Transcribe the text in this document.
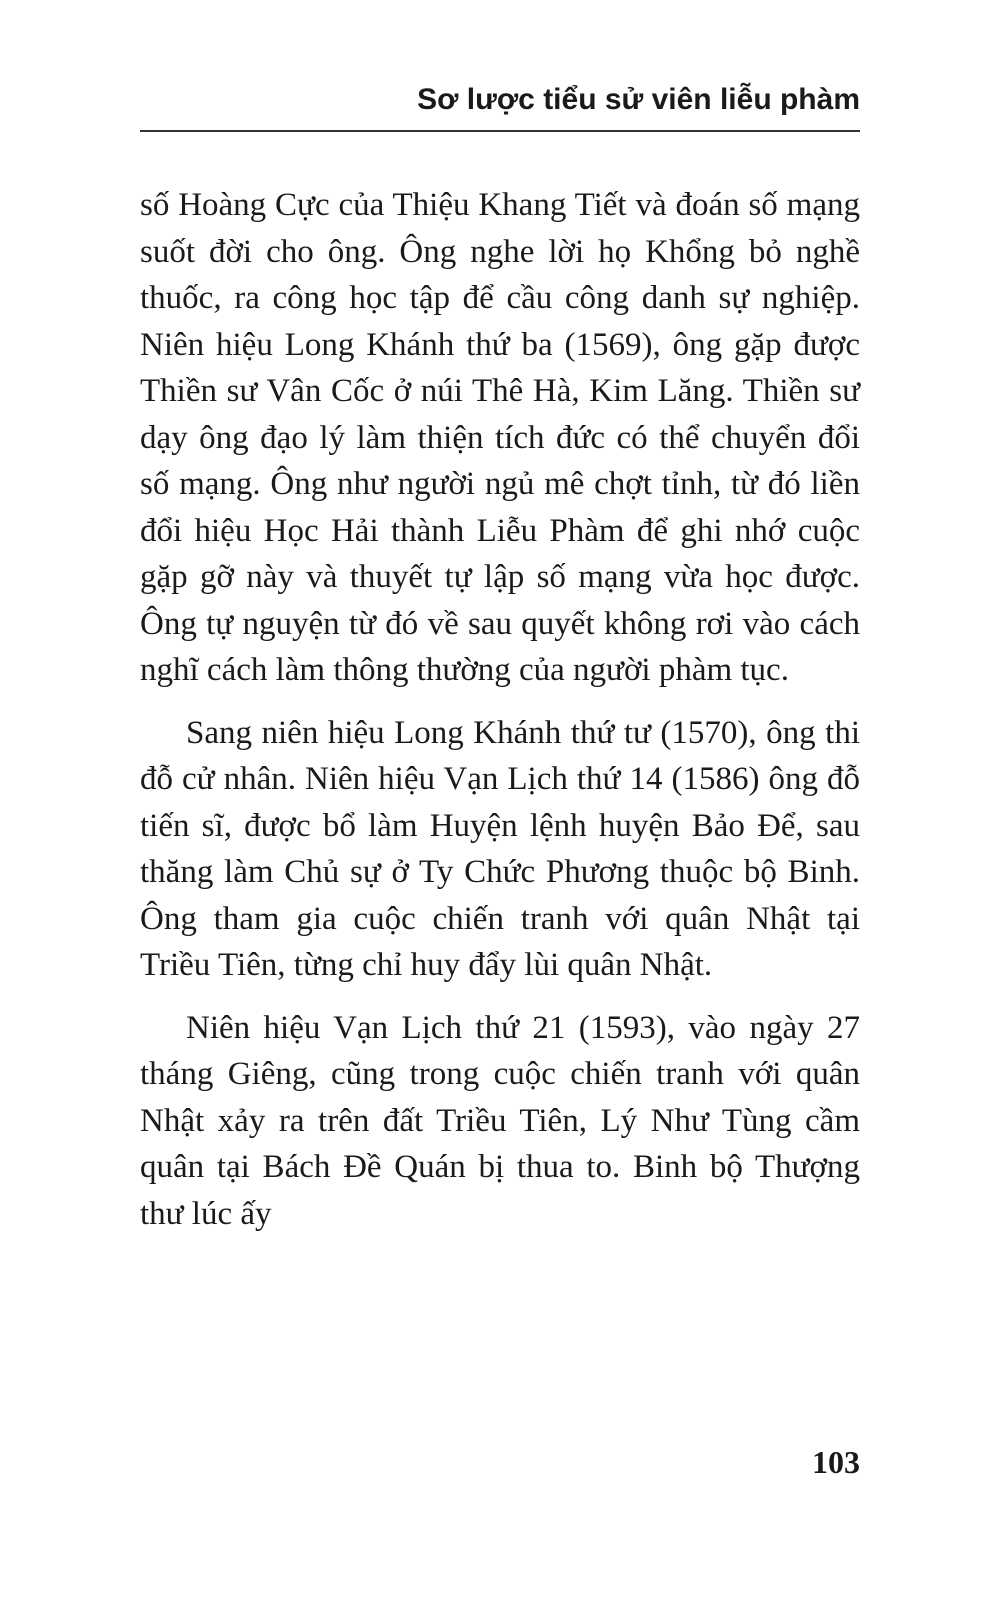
Sơ lược tiểu sử viên liễu phàm

số Hoàng Cực của Thiệu Khang Tiết và đoán số mạng suốt đời cho ông. Ông nghe lời họ Khổng bỏ nghề thuốc, ra công học tập để cầu công danh sự nghiệp. Niên hiệu Long Khánh thứ ba (1569), ông gặp được Thiền sư Vân Cốc ở núi Thê Hà, Kim Lăng. Thiền sư dạy ông đạo lý làm thiện tích đức có thể chuyển đổi số mạng. Ông như người ngủ mê chợt tỉnh, từ đó liền đổi hiệu Học Hải thành Liễu Phàm để ghi nhớ cuộc gặp gỡ này và thuyết tự lập số mạng vừa học được. Ông tự nguyện từ đó về sau quyết không rơi vào cách nghĩ cách làm thông thường của người phàm tục.

Sang niên hiệu Long Khánh thứ tư (1570), ông thi đỗ cử nhân. Niên hiệu Vạn Lịch thứ 14 (1586) ông đỗ tiến sĩ, được bổ làm Huyện lệnh huyện Bảo Để, sau thăng làm Chủ sự ở Ty Chức Phương thuộc bộ Binh. Ông tham gia cuộc chiến tranh với quân Nhật tại Triều Tiên, từng chỉ huy đẩy lùi quân Nhật.

Niên hiệu Vạn Lịch thứ 21 (1593), vào ngày 27 tháng Giêng, cũng trong cuộc chiến tranh với quân Nhật xảy ra trên đất Triều Tiên, Lý Như Tùng cầm quân tại Bách Đề Quán bị thua to. Binh bộ Thượng thư lúc ấy

103
